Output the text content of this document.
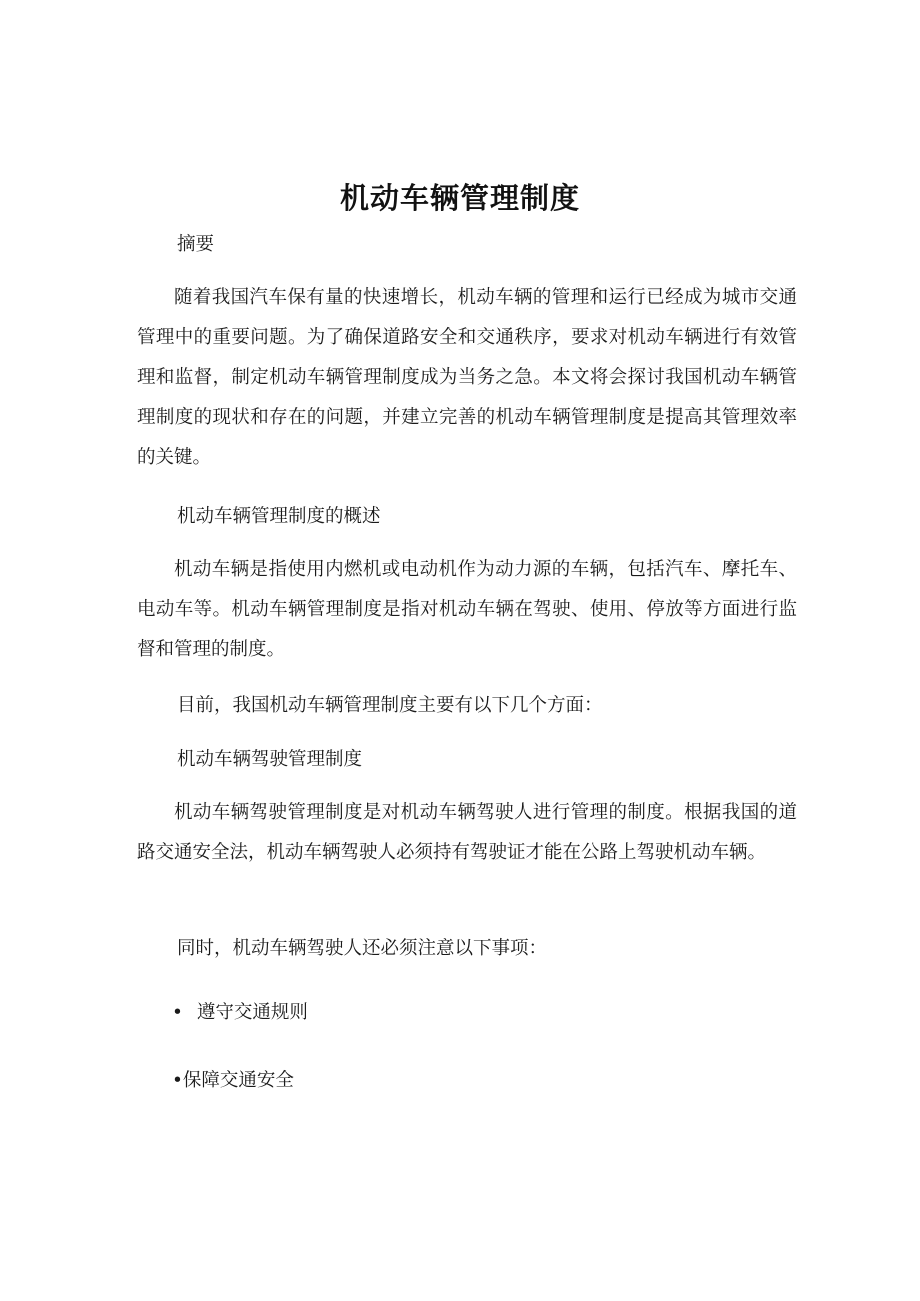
机动车辆管理制度
摘要
随着我国汽车保有量的快速增长，机动车辆的管理和运行已经成为城市交通管理中的重要问题。为了确保道路安全和交通秩序，要求对机动车辆进行有效管理和监督，制定机动车辆管理制度成为当务之急。本文将会探讨我国机动车辆管理制度的现状和存在的问题，并建立完善的机动车辆管理制度是提高其管理效率的关键。
机动车辆管理制度的概述
机动车辆是指使用内燃机或电动机作为动力源的车辆，包括汽车、摩托车、电动车等。机动车辆管理制度是指对机动车辆在驾驶、使用、停放等方面进行监督和管理的制度。
目前，我国机动车辆管理制度主要有以下几个方面：
机动车辆驾驶管理制度
机动车辆驾驶管理制度是对机动车辆驾驶人进行管理的制度。根据我国的道路交通安全法，机动车辆驾驶人必须持有驾驶证才能在公路上驾驶机动车辆。
同时，机动车辆驾驶人还必须注意以下事项：
• 遵守交通规则
•保障交通安全
